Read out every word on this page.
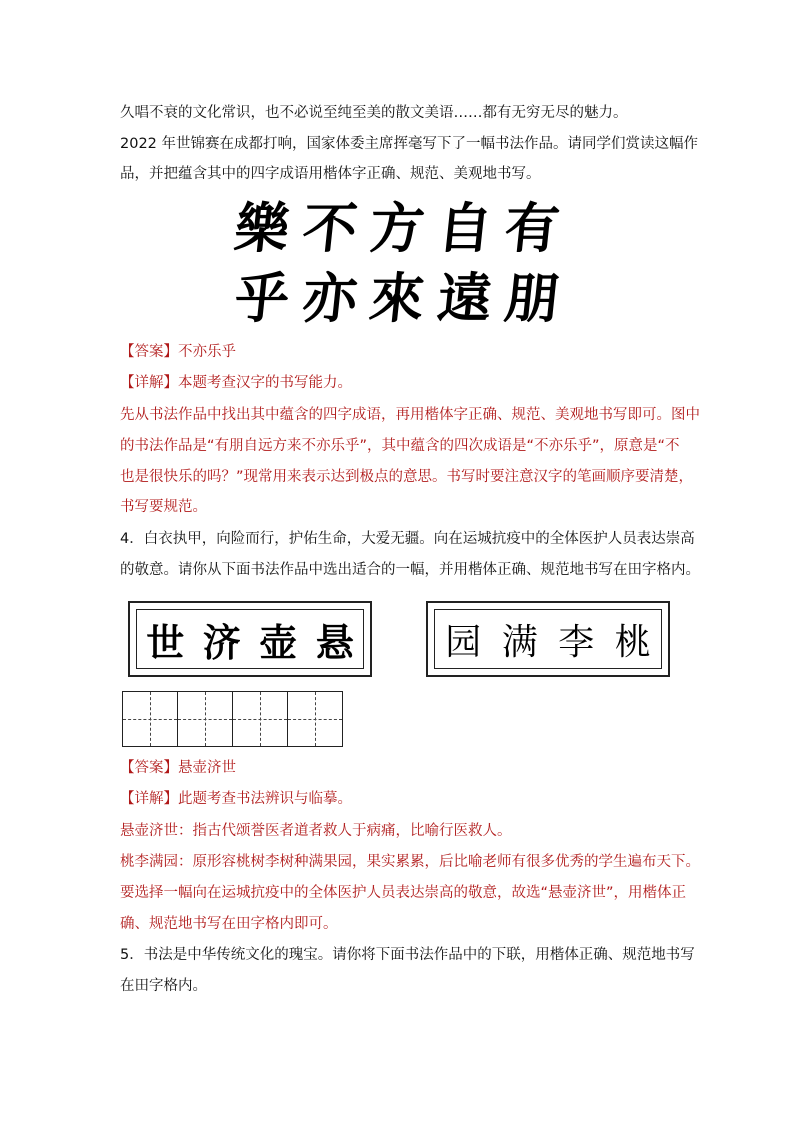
久唱不衰的文化常识，也不必说至纯至美的散文美语……都有无穷无尽的魅力。
2022 年世锦赛在成都打响，国家体委主席挥毫写下了一幅书法作品。请同学们赏读这幅作
品，并把蕴含其中的四字成语用楷体字正确、规范、美观地书写。
樂 不 方 自 有
乎 亦 來 遠 朋
【答案】不亦乐乎
【详解】本题考查汉字的书写能力。
先从书法作品中找出其中蕴含的四字成语，再用楷体字正确、规范、美观地书写即可。图中
的书法作品是“有朋自远方来不亦乐乎”，其中蕴含的四次成语是“不亦乐乎”，原意是“不
也是很快乐的吗？”现常用来表示达到极点的意思。书写时要注意汉字的笔画顺序要清楚，
书写要规范。
4．白衣执甲，向险而行，护佑生命，大爱无疆。向在运城抗疫中的全体医护人员表达崇高
的敬意。请你从下面书法作品中选出适合的一幅，并用楷体正确、规范地书写在田字格内。
世 济 壶 悬	园 满 李 桃
【答案】悬壶济世
【详解】此题考查书法辨识与临摹。
悬壶济世：指古代颂誉医者道者救人于病痛，比喻行医救人。
桃李满园：原形容桃树李树种满果园，果实累累，后比喻老师有很多优秀的学生遍布天下。
要选择一幅向在运城抗疫中的全体医护人员表达崇高的敬意，故选“悬壶济世”，用楷体正
确、规范地书写在田字格内即可。
5．书法是中华传统文化的瑰宝。请你将下面书法作品中的下联，用楷体正确、规范地书写
在田字格内。
